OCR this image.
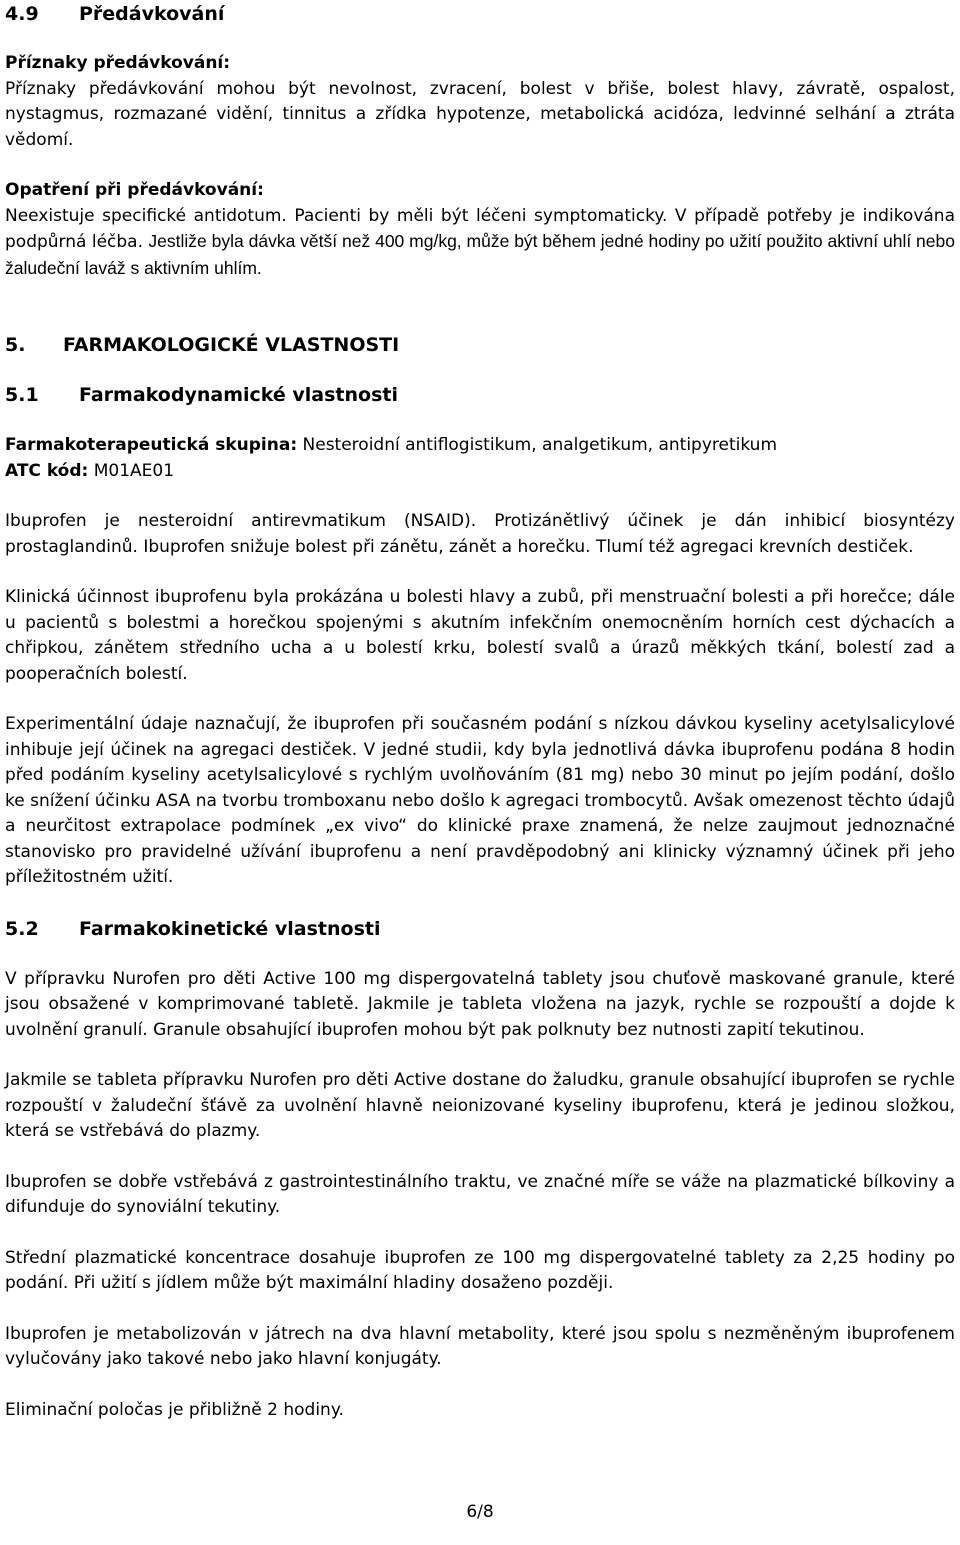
4.9	Předávkování
Příznaky předávkování:

Příznaky předávkování mohou být nevolnost, zvracení, bolest v břiše, bolest hlavy, závratě, ospalost, nystagmus, rozmazané vidění, tinnitus a zřídka hypotenze, metabolická acidóza, ledvinné selhání a ztráta vědomí.

Opatření při předávkování:

Neexistuje specifické antidotum. Pacienti by měli být léčeni symptomaticky. V případě potřeby je indikována podpůrná léčba. Jestliže byla dávka větší než 400 mg/kg, může být během jedné hodiny po užití použito aktivní uhlí nebo žaludeční laváž s aktivním uhlím.

5.	FARMAKOLOGICKÉ VLASTNOSTI
5.1	Farmakodynamické vlastnosti
Farmakoterapeutická skupina: Nesteroidní antiflogistikum, analgetikum, antipyretikum
ATC kód: M01AE01

Ibuprofen je nesteroidní antirevmatikum (NSAID). Protizánětlivý účinek je dán inhibicí biosyntézy prostaglandinů. Ibuprofen snižuje bolest při zánětu, zánět a horečku. Tlumí též agregaci krevních destiček.

Klinická účinnost ibuprofenu byla prokázána u bolesti hlavy a zubů, při menstruační bolesti a při horečce; dále u pacientů s bolestmi a horečkou spojenými s akutním infekčním onemocněním horních cest dýchacích a chřipkou, zánětem středního ucha a u bolestí krku, bolestí svalů a úrazů měkkých tkání, bolestí zad a pooperačních bolestí.

Experimentální údaje naznačují, že ibuprofen při současném podání s nízkou dávkou kyseliny acetylsalicylové inhibuje její účinek na agregaci destiček. V jedné studii, kdy byla jednotlivá dávka ibuprofenu podána 8 hodin před podáním kyseliny acetylsalicylové s rychlým uvolňováním (81 mg) nebo 30 minut po jejím podání, došlo ke snížení účinku ASA na tvorbu tromboxanu nebo došlo k agregaci trombocytů. Avšak omezenost těchto údajů a neurčitost extrapolace podmínek „ex vivo“ do klinické praxe znamená, že nelze zaujmout jednoznačné stanovisko pro pravidelné užívání ibuprofenu a není pravděpodobný ani klinicky významný účinek při jeho příležitostném užití.

5.2	Farmakokinetické vlastnosti

V přípravku Nurofen pro děti Active 100 mg dispergovatelná tablety jsou chuťově maskované granule, které jsou obsažené v komprimované tabletě. Jakmile je tableta vložena na jazyk, rychle se rozpouští a dojde k uvolnění granulí. Granule obsahující ibuprofen mohou být pak polknuty bez nutnosti zapití tekutinou.

Jakmile se tableta přípravku Nurofen pro děti Active dostane do žaludku, granule obsahující ibuprofen se rychle rozpouští v žaludeční šťávě za uvolnění hlavně neionizované kyseliny ibuprofenu, která je jedinou složkou, která se vstřebává do plazmy.

Ibuprofen se dobře vstřebává z gastrointestinálního traktu, ve značné míře se váže na plazmatické bílkoviny a difunduje do synoviální tekutiny.

Střední plazmatické koncentrace dosahuje ibuprofen ze 100 mg dispergovatelné tablety za 2,25 hodiny po podání. Při užití s jídlem může být maximální hladiny dosaženo později.

Ibuprofen je metabolizován v játrech na dva hlavní metabolity, které jsou spolu s nezměněným ibuprofenem vylučovány jako takové nebo jako hlavní konjugáty.

Eliminační poločas je přibližně 2 hodiny.

6/8
